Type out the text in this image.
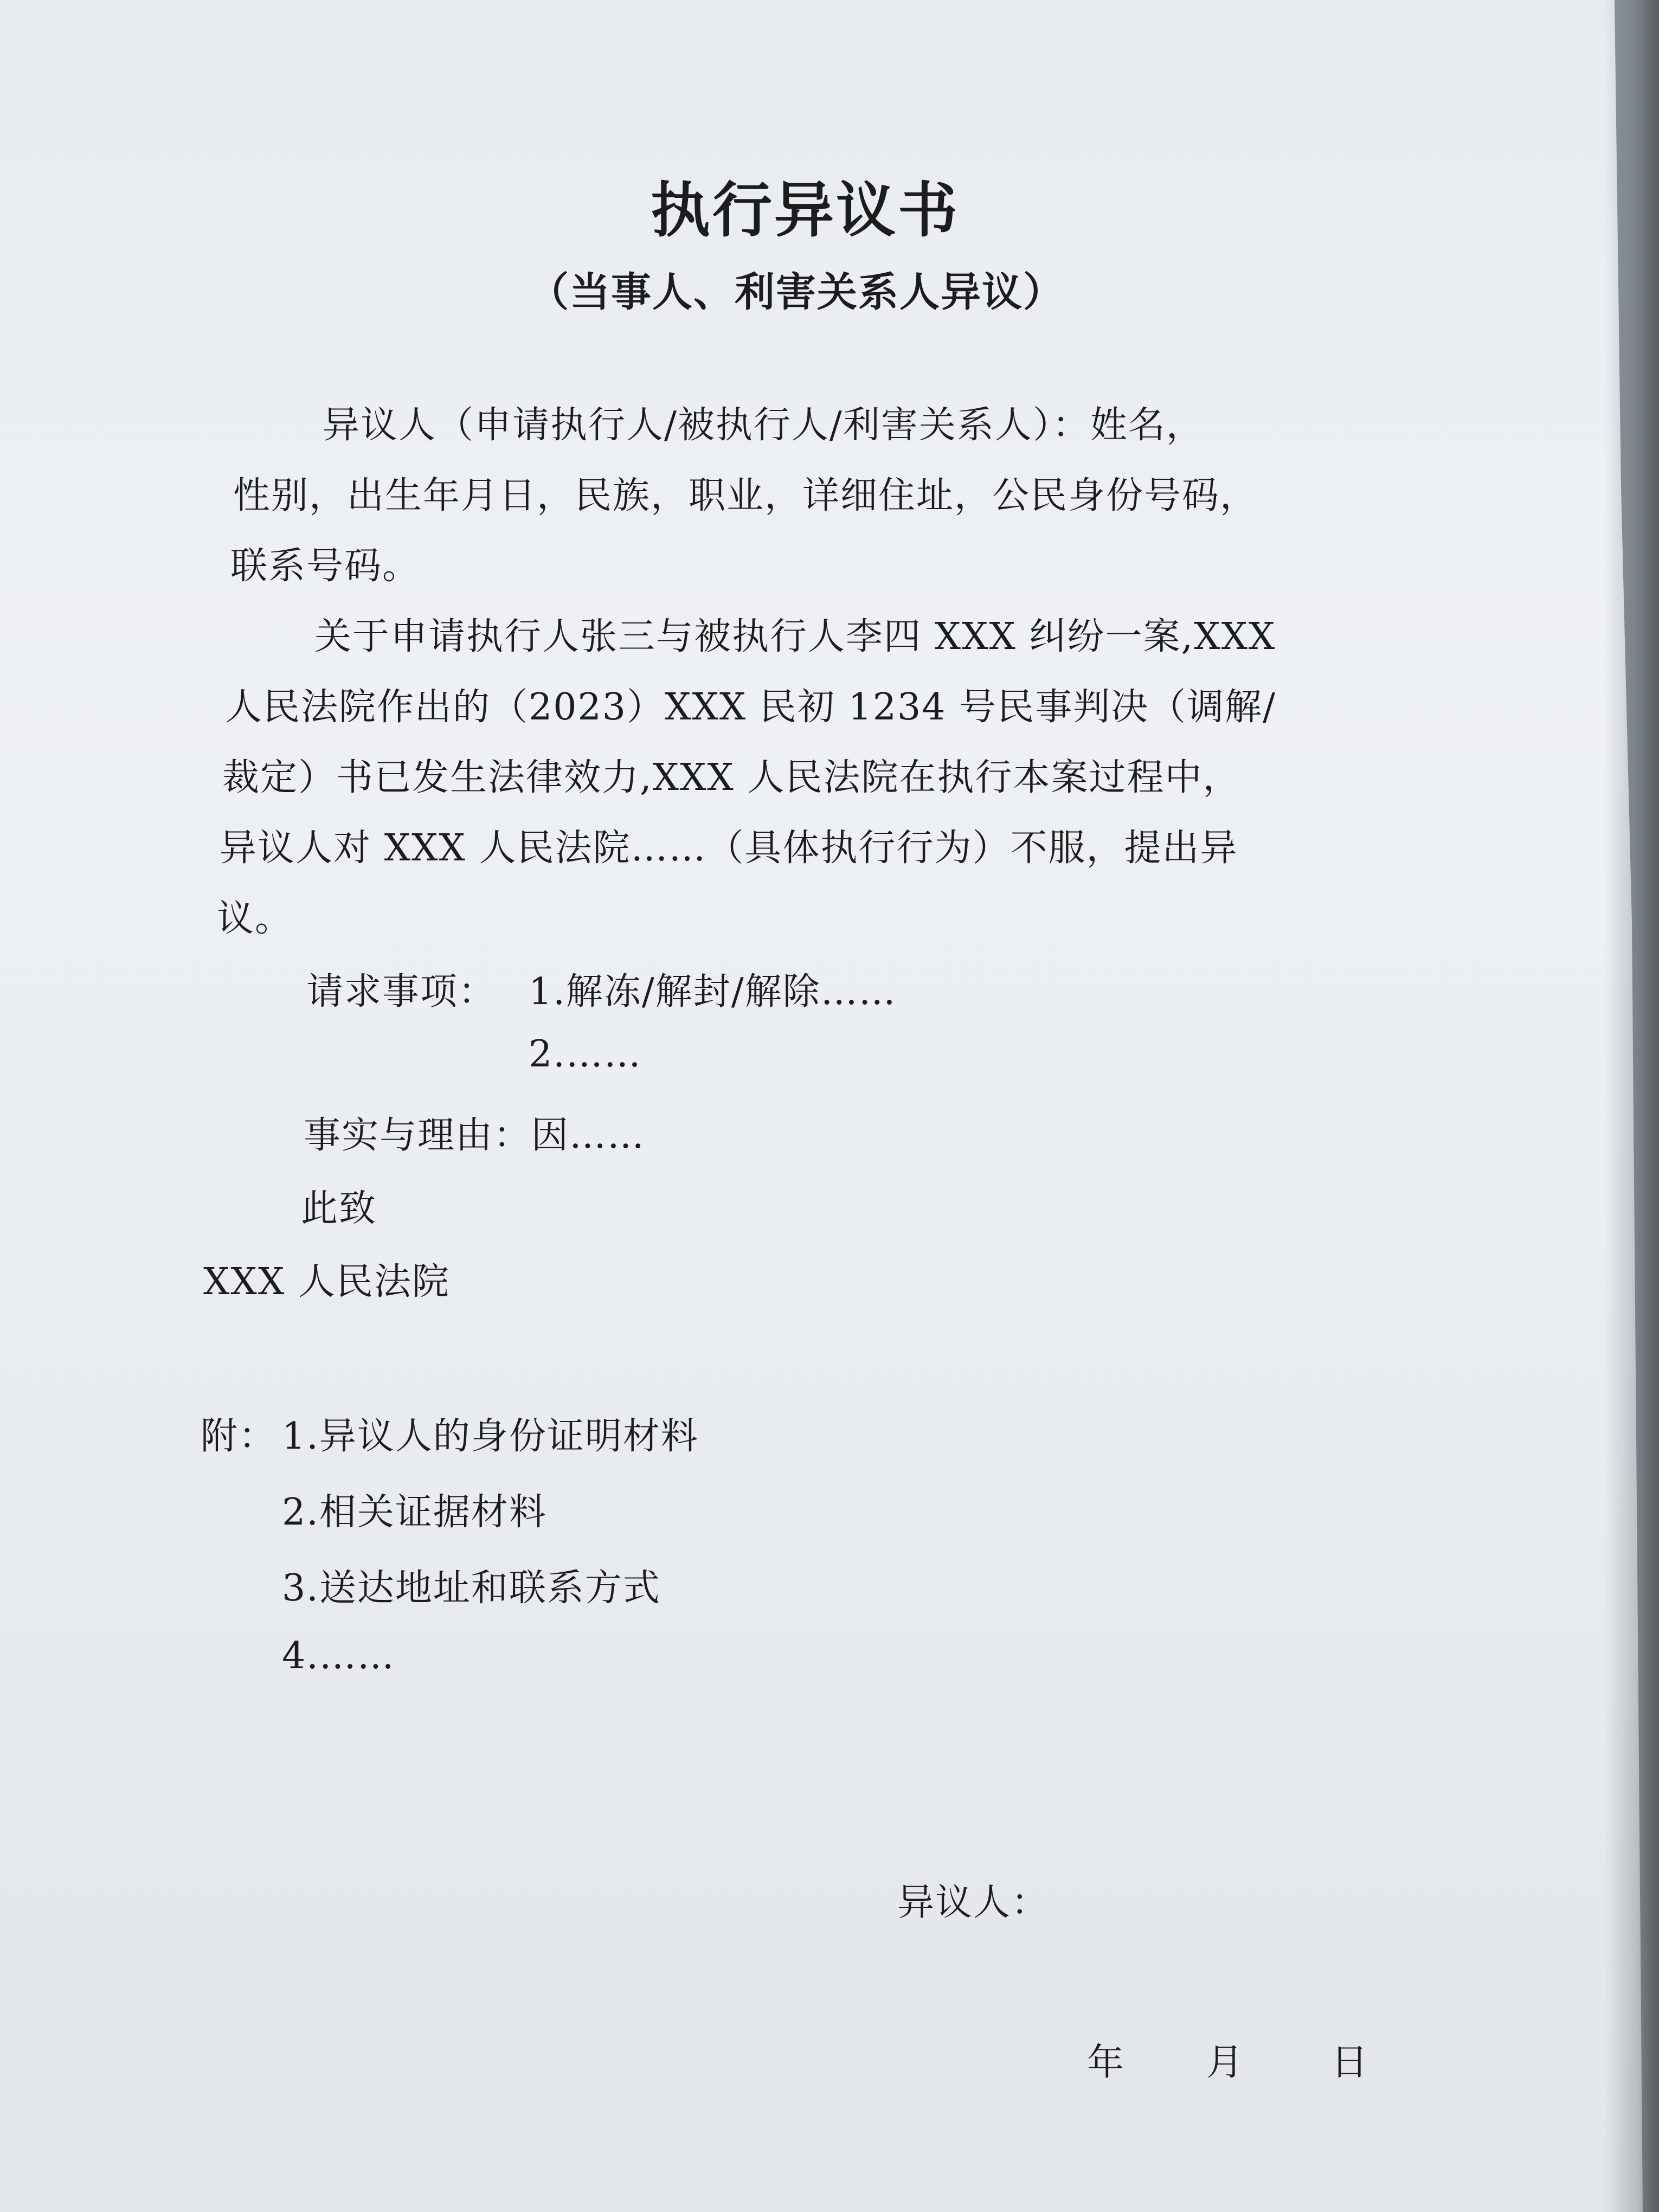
执行异议书
（当事人、利害关系人异议）
异议人（申请执行人/被执行人/利害关系人）：姓名，
性别，出生年月日，民族，职业，详细住址，公民身份号码，
联系号码。
关于申请执行人张三与被执行人李四 XXX 纠纷一案,XXX
人民法院作出的（2023）XXX 民初 1234 号民事判决（调解/
裁定）书已发生法律效力,XXX 人民法院在执行本案过程中，
异议人对 XXX 人民法院……（具体执行行为）不服，提出异
议。
请求事项： 1.解冻/解封/解除……
2.……
事实与理由：因……
此致
XXX 人民法院
附： 1.异议人的身份证明材料
2.相关证据材料
3.送达地址和联系方式
4.……
异议人：
年 月 日
